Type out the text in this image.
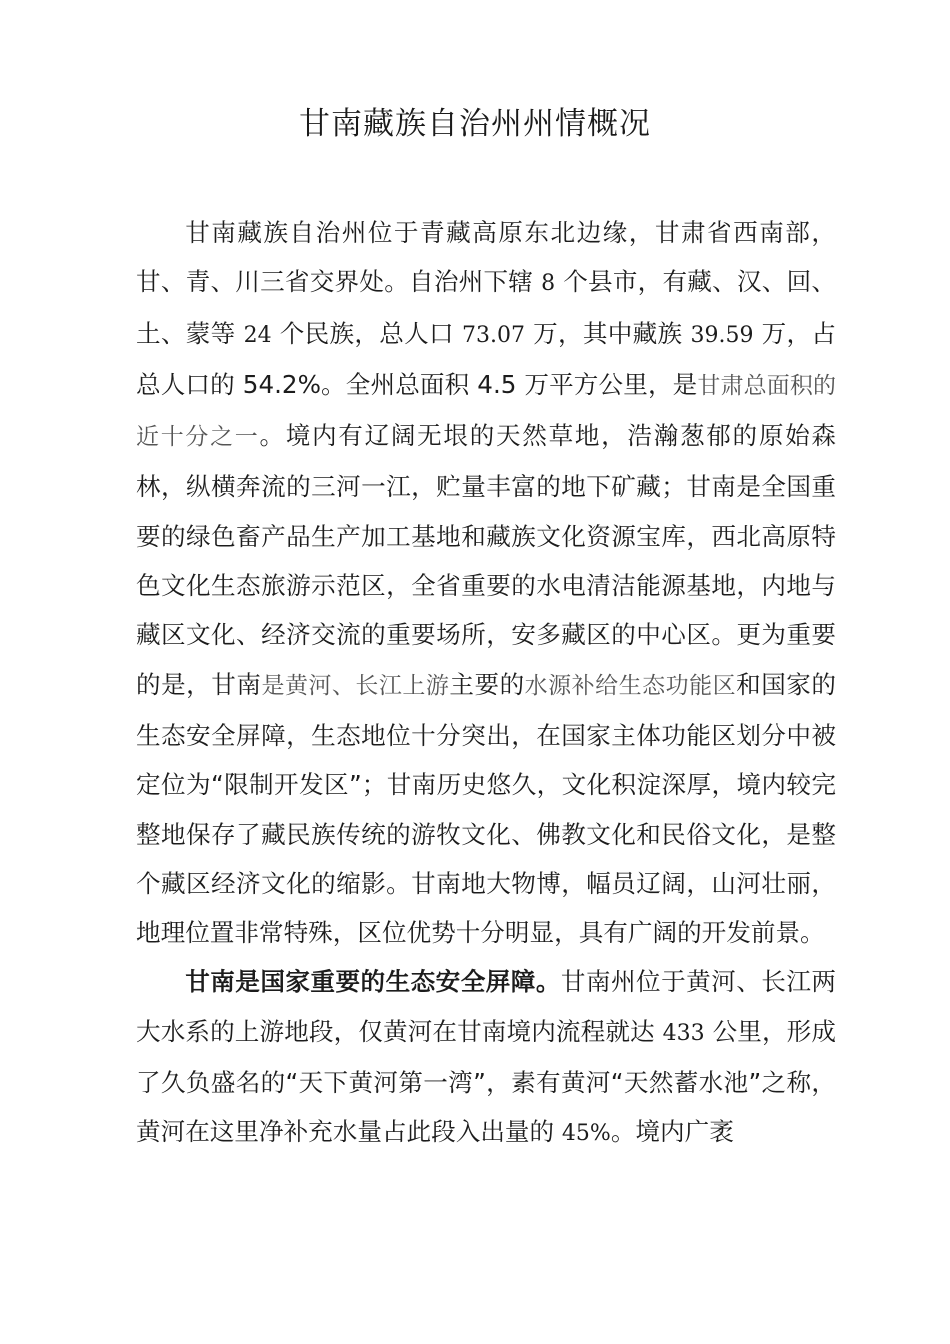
甘南藏族自治州州情概况

甘南藏族自治州位于青藏高原东北边缘，甘肃省西南部，甘、青、川三省交界处。自治州下辖 8 个县市，有藏、汉、回、土、蒙等 24 个民族，总人口 73.07 万，其中藏族 39.59 万，占总人口的 54.2%。全州总面积 4.5 万平方公里，是甘肃总面积的近十分之一。境内有辽阔无垠的天然草地，浩瀚葱郁的原始森林，纵横奔流的三河一江，贮量丰富的地下矿藏；甘南是全国重要的绿色畜产品生产加工基地和藏族文化资源宝库，西北高原特色文化生态旅游示范区，全省重要的水电清洁能源基地，内地与藏区文化、经济交流的重要场所，安多藏区的中心区。更为重要的是，甘南是黄河、长江上游主要的水源补给生态功能区和国家的生态安全屏障，生态地位十分突出，在国家主体功能区划分中被定位为“限制开发区”；甘南历史悠久，文化积淀深厚，境内较完整地保存了藏民族传统的游牧文化、佛教文化和民俗文化，是整个藏区经济文化的缩影。甘南地大物博，幅员辽阔，山河壮丽，地理位置非常特殊，区位优势十分明显，具有广阔的开发前景。

甘南是国家重要的生态安全屏障。甘南州位于黄河、长江两大水系的上游地段，仅黄河在甘南境内流程就达 433 公里，形成了久负盛名的“天下黄河第一湾”，素有黄河“天然蓄水池”之称，黄河在这里净补充水量占此段入出量的 45%。境内广袤
